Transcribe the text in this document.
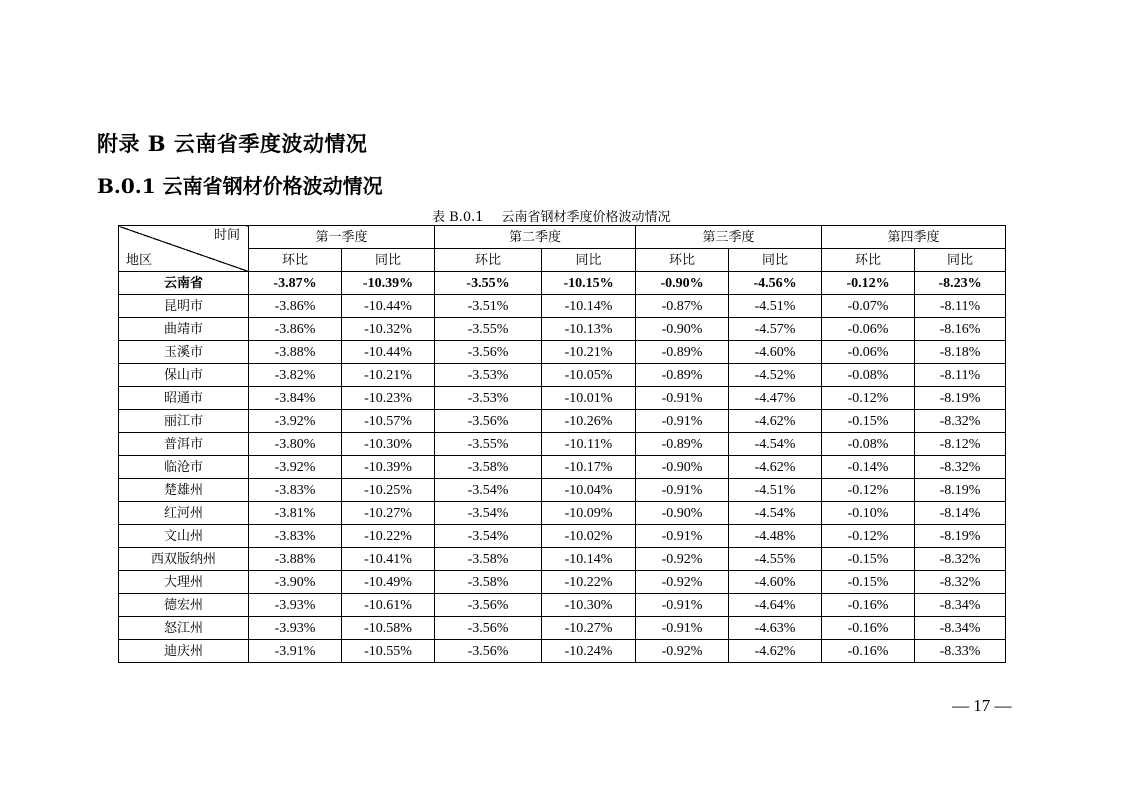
附录 B 云南省季度波动情况
B.0.1 云南省钢材价格波动情况
表 B.0.1 云南省钢材季度价格波动情况
时间
地区	第一季度		第二季度		第三季度		第四季度	
	环比	同比	环比	同比	环比	同比	环比	同比
云南省	-3.87%	-10.39%	-3.55%	-10.15%	-0.90%	-4.56%	-0.12%	-8.23%
昆明市	-3.86%	-10.44%	-3.51%	-10.14%	-0.87%	-4.51%	-0.07%	-8.11%
曲靖市	-3.86%	-10.32%	-3.55%	-10.13%	-0.90%	-4.57%	-0.06%	-8.16%
玉溪市	-3.88%	-10.44%	-3.56%	-10.21%	-0.89%	-4.60%	-0.06%	-8.18%
保山市	-3.82%	-10.21%	-3.53%	-10.05%	-0.89%	-4.52%	-0.08%	-8.11%
昭通市	-3.84%	-10.23%	-3.53%	-10.01%	-0.91%	-4.47%	-0.12%	-8.19%
丽江市	-3.92%	-10.57%	-3.56%	-10.26%	-0.91%	-4.62%	-0.15%	-8.32%
普洱市	-3.80%	-10.30%	-3.55%	-10.11%	-0.89%	-4.54%	-0.08%	-8.12%
临沧市	-3.92%	-10.39%	-3.58%	-10.17%	-0.90%	-4.62%	-0.14%	-8.32%
楚雄州	-3.83%	-10.25%	-3.54%	-10.04%	-0.91%	-4.51%	-0.12%	-8.19%
红河州	-3.81%	-10.27%	-3.54%	-10.09%	-0.90%	-4.54%	-0.10%	-8.14%
文山州	-3.83%	-10.22%	-3.54%	-10.02%	-0.91%	-4.48%	-0.12%	-8.19%
西双版纳州	-3.88%	-10.41%	-3.58%	-10.14%	-0.92%	-4.55%	-0.15%	-8.32%
大理州	-3.90%	-10.49%	-3.58%	-10.22%	-0.92%	-4.60%	-0.15%	-8.32%
德宏州	-3.93%	-10.61%	-3.56%	-10.30%	-0.91%	-4.64%	-0.16%	-8.34%
怒江州	-3.93%	-10.58%	-3.56%	-10.27%	-0.91%	-4.63%	-0.16%	-8.34%
迪庆州	-3.91%	-10.55%	-3.56%	-10.24%	-0.92%	-4.62%	-0.16%	-8.33%
— 17 —
